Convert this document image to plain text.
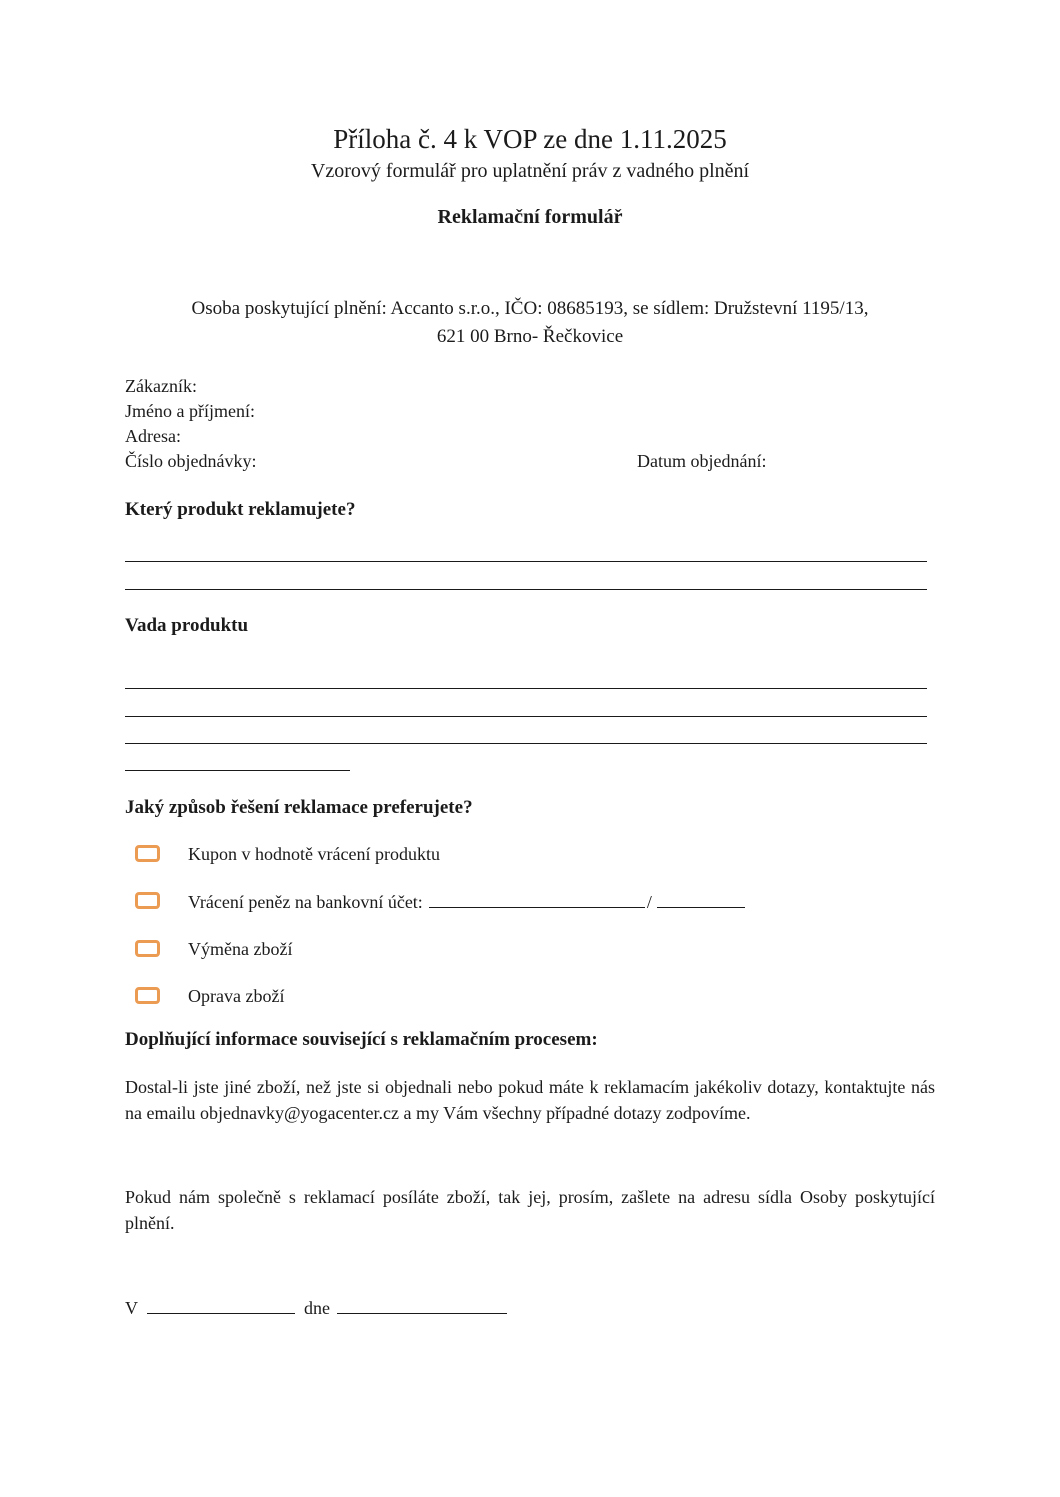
Příloha č. 4 k VOP ze dne 1.11.2025
Vzorový formulář pro uplatnění práv z vadného plnění
Reklamační formulář
Osoba poskytující plnění: Accanto s.r.o., IČO: 08685193, se sídlem: Družstevní 1195/13,
621 00 Brno- Řečkovice
Zákazník:
Jméno a příjmení:
Adresa:
Číslo objednávky:	Datum objednání:
Který produkt reklamujete?
Vada produktu
Jaký způsob řešení reklamace preferujete?
Kupon v hodnotě vrácení produktu
Vrácení peněz na bankovní účet:	/
Výměna zboží
Oprava zboží
Doplňující informace související s reklamačním procesem:
Dostal-li jste jiné zboží, než jste si objednali nebo pokud máte k reklamacím jakékoliv dotazy, kontaktujte nás na emailu objednavky@yogacenter.cz a my Vám všechny případné dotazy zodpovíme.
Pokud nám společně s reklamací posíláte zboží, tak jej, prosím, zašlete na adresu sídla Osoby poskytující plnění.
V	dne
